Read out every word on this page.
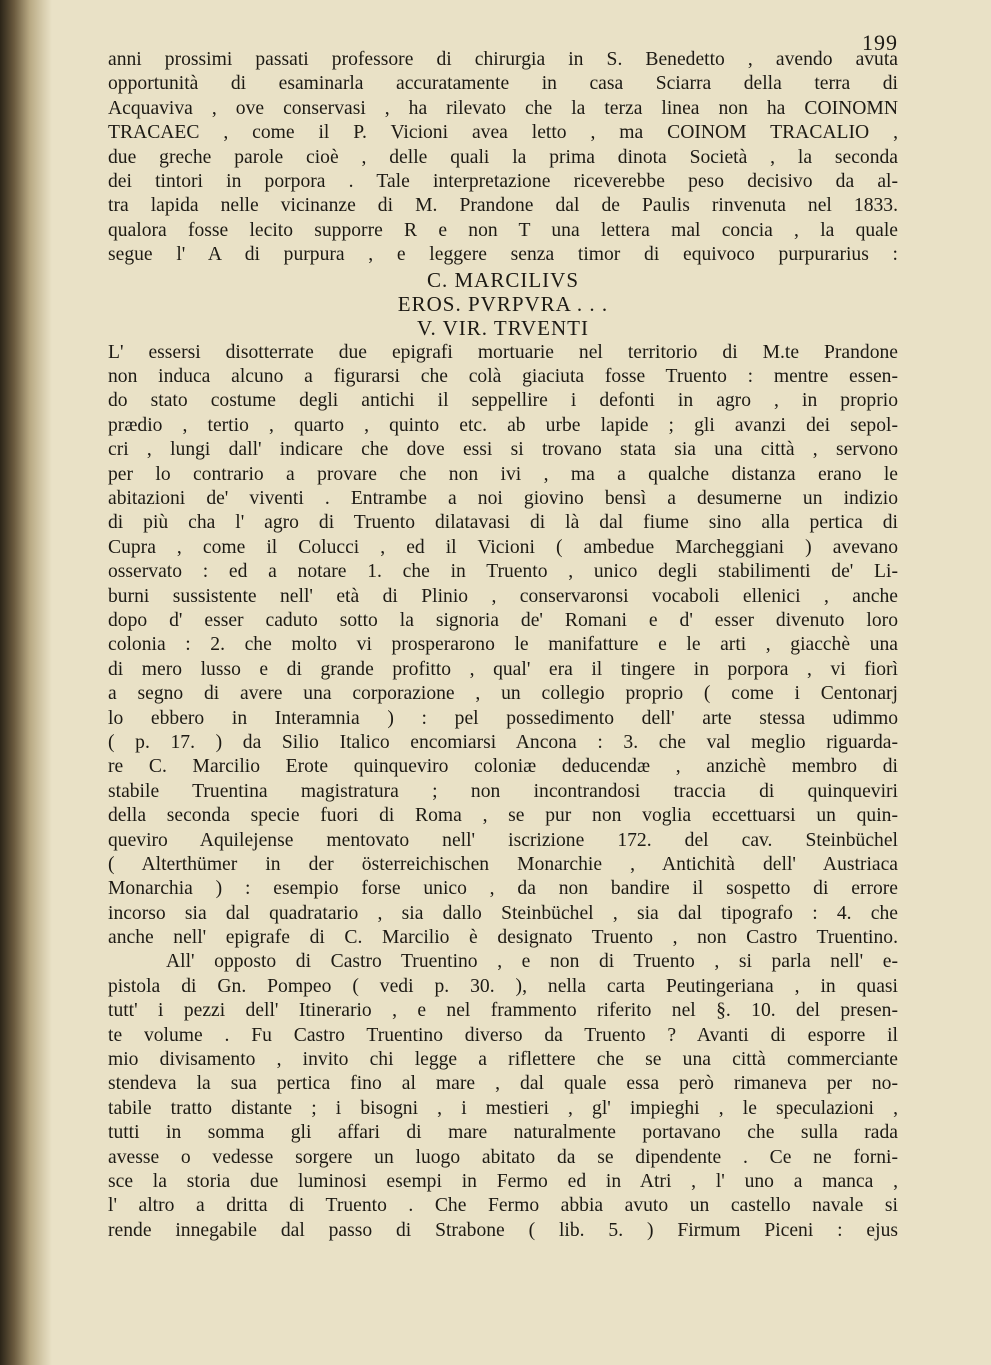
199
anni prossimi passati professore di chirurgia in S. Benedetto , avendo avuta
opportunità di esaminarla accuratamente in casa Sciarra della terra di
Acquaviva , ove conservasi , ha rilevato che la terza linea non ha COINOMN
TRACAEC , come il P. Vicioni avea letto , ma COINOM TRACALIO ,
due greche parole cioè , delle quali la prima dinota Società , la seconda
dei tintori in porpora . Tale interpretazione riceverebbe peso decisivo da al-
tra lapida nelle vicinanze di M. Prandone dal de Paulis rinvenuta nel 1833.
qualora fosse lecito supporre R e non T una lettera mal concia , la quale
segue l' A di purpura , e leggere senza timor di equivoco purpurarius :
C. MARCILIVS
EROS. PVRPVRA . . .
V. VIR. TRVENTI
L' essersi disotterrate due epigrafi mortuarie nel territorio di M.te Prandone
non induca alcuno a figurarsi che colà giaciuta fosse Truento : mentre essen-
do stato costume degli antichi il seppellire i defonti in agro , in proprio
prædio , tertio , quarto , quinto etc. ab urbe lapide ; gli avanzi dei sepol-
cri , lungi dall' indicare che dove essi si trovano stata sia una città , servono
per lo contrario a provare che non ivi , ma a qualche distanza erano le
abitazioni de' viventi . Entrambe a noi giovino bensì a desumerne un indizio
di più cha l' agro di Truento dilatavasi di là dal fiume sino alla pertica di
Cupra , come il Colucci , ed il Vicioni ( ambedue Marcheggiani ) avevano
osservato : ed a notare 1. che in Truento , unico degli stabilimenti de' Li-
burni sussistente nell' età di Plinio , conservaronsi vocaboli ellenici , anche
dopo d' esser caduto sotto la signoria de' Romani e d' esser divenuto loro
colonia : 2. che molto vi prosperarono le manifatture e le arti , giacchè una
di mero lusso e di grande profitto , qual' era il tingere in porpora , vi fiorì
a segno di avere una corporazione , un collegio proprio ( come i Centonarj
lo ebbero in Interamnia ) : pel possedimento dell' arte stessa udimmo
( p. 17. ) da Silio Italico encomiarsi Ancona : 3. che val meglio riguarda-
re C. Marcilio Erote quinqueviro coloniæ deducendæ , anzichè membro di
stabile Truentina magistratura ; non incontrandosi traccia di quinqueviri
della seconda specie fuori di Roma , se pur non voglia eccettuarsi un quin-
queviro Aquilejense mentovato nell' iscrizione 172. del cav. Steinbüchel
( Alterthümer in der österreichischen Monarchie , Antichità dell' Austriaca
Monarchia ) : esempio forse unico , da non bandire il sospetto di errore
incorso sia dal quadratario , sia dallo Steinbüchel , sia dal tipografo : 4. che
anche nell' epigrafe di C. Marcilio è designato Truento , non Castro Truentino.
All' opposto di Castro Truentino , e non di Truento , si parla nell' e-
pistola di Gn. Pompeo ( vedi p. 30. ), nella carta Peutingeriana , in quasi
tutt' i pezzi dell' Itinerario , e nel frammento riferito nel §. 10. del presen-
te volume . Fu Castro Truentino diverso da Truento ? Avanti di esporre il
mio divisamento , invito chi legge a riflettere che se una città commerciante
stendeva la sua pertica fino al mare , dal quale essa però rimaneva per no-
tabile tratto distante ; i bisogni , i mestieri , gl' impieghi , le speculazioni ,
tutti in somma gli affari di mare naturalmente portavano che sulla rada
avesse o vedesse sorgere un luogo abitato da se dipendente . Ce ne forni-
sce la storia due luminosi esempi in Fermo ed in Atri , l' uno a manca ,
l' altro a dritta di Truento . Che Fermo abbia avuto un castello navale si
rende innegabile dal passo di Strabone ( lib. 5. ) Firmum Piceni : ejus
